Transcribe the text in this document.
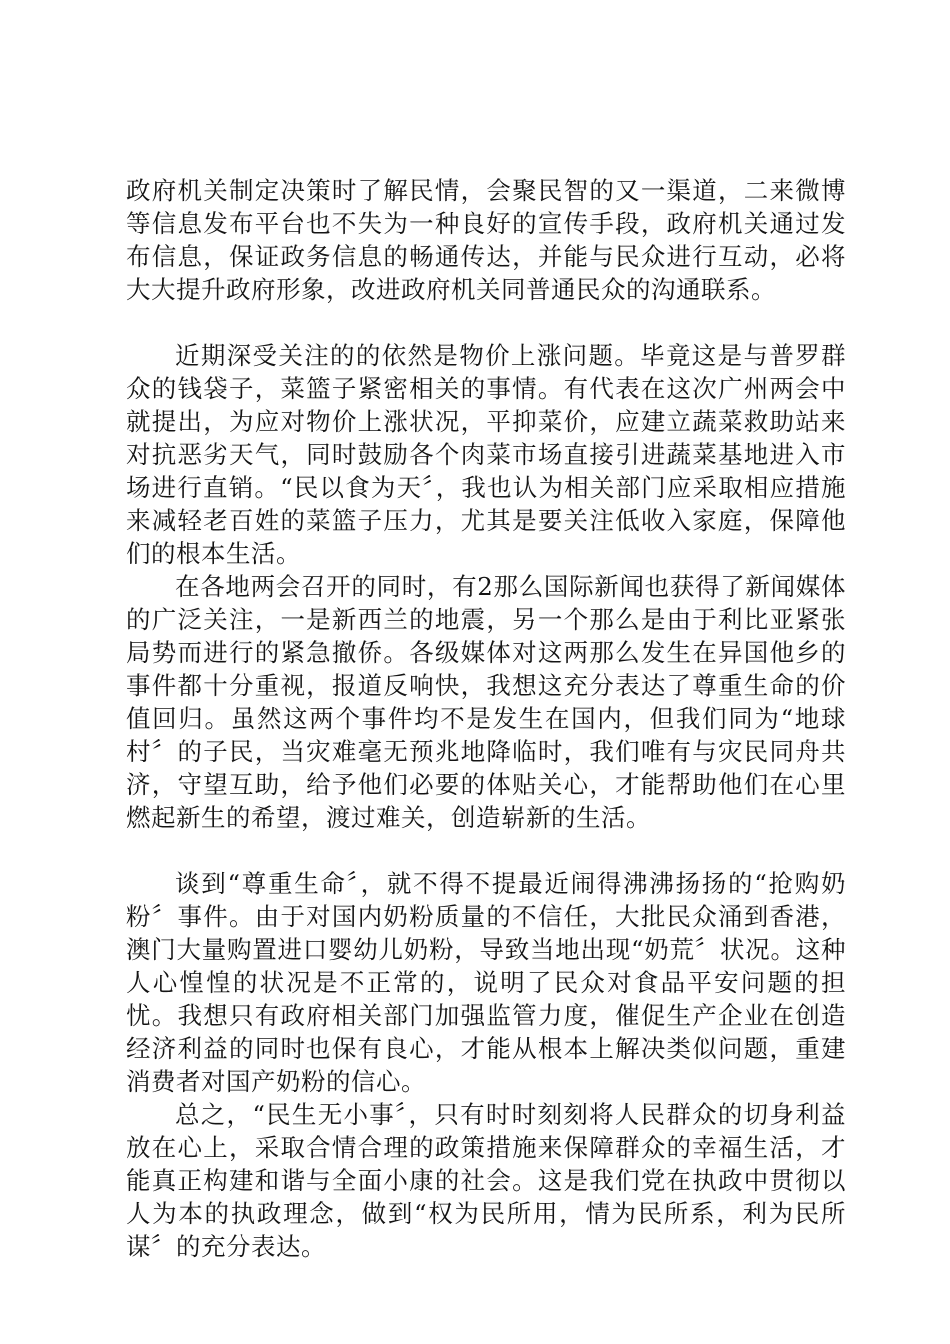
政府机关制定决策时了解民情，会聚民智的又一渠道，二来微博等信息发布平台也不失为一种良好的宣传手段，政府机关通过发布信息，保证政务信息的畅通传达，并能与民众进行互动，必将大大提升政府形象，改进政府机关同普通民众的沟通联系。

近期深受关注的的依然是物价上涨问题。毕竟这是与普罗群众的钱袋子，菜篮子紧密相关的事情。有代表在这次广州两会中就提出，为应对物价上涨状况，平抑菜价，应建立蔬菜救助站来对抗恶劣天气，同时鼓励各个肉菜市场直接引进蔬菜基地进入市场进行直销。“民以食为天〞，我也认为相关部门应采取相应措施来减轻老百姓的菜篮子压力，尤其是要关注低收入家庭，保障他们的根本生活。

在各地两会召开的同时，有2那么国际新闻也获得了新闻媒体的广泛关注，一是新西兰的地震，另一个那么是由于利比亚紧张局势而进行的紧急撤侨。各级媒体对这两那么发生在异国他乡的事件都十分重视，报道反响快，我想这充分表达了尊重生命的价值回归。虽然这两个事件均不是发生在国内，但我们同为“地球村〞的子民，当灾难毫无预兆地降临时，我们唯有与灾民同舟共济，守望互助，给予他们必要的体贴关心，才能帮助他们在心里燃起新生的希望，渡过难关，创造崭新的生活。

谈到“尊重生命〞，就不得不提最近闹得沸沸扬扬的“抢购奶粉〞事件。由于对国内奶粉质量的不信任，大批民众涌到香港，澳门大量购置进口婴幼儿奶粉，导致当地出现“奶荒〞状况。这种人心惶惶的状况是不正常的，说明了民众对食品平安问题的担忧。我想只有政府相关部门加强监管力度，催促生产企业在创造经济利益的同时也保有良心，才能从根本上解决类似问题，重建消费者对国产奶粉的信心。

总之，“民生无小事〞，只有时时刻刻将人民群众的切身利益放在心上，采取合情合理的政策措施来保障群众的幸福生活，才能真正构建和谐与全面小康的社会。这是我们党在执政中贯彻以人为本的执政理念，做到“权为民所用，情为民所系，利为民所谋〞的充分表达。
